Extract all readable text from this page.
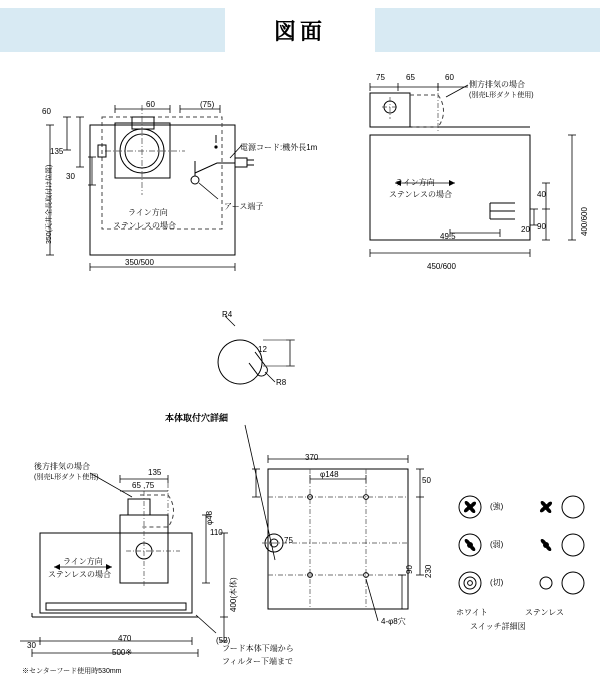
図面
60
135
30
60	(75)
350/500
350(天井全長取付け位置)	ライン方向
ステンレスの場合
電源コード:機外長1m
アース端子
75	65	60
側方排気の場合
(別売L形ダクト使用)
ライン方向
ステンレスの場合
49.5
450/600
40
20 90	400/600
R4
R8
12
本体取付穴詳細
後方排気の場合
(別売L形ダクト使用)
135
65 ,75
φ48
110
400(本体)
(52)
ライン方向
ステンレスの場合
30
470
500※
※センターフード使用時530mm
フード本体下端から
フィルター下端まで
370
φ148
75
50
90 230
4-φ8穴
(強)
(弱)
(切)
ホワイト	ステンレス
スイッチ詳細図
